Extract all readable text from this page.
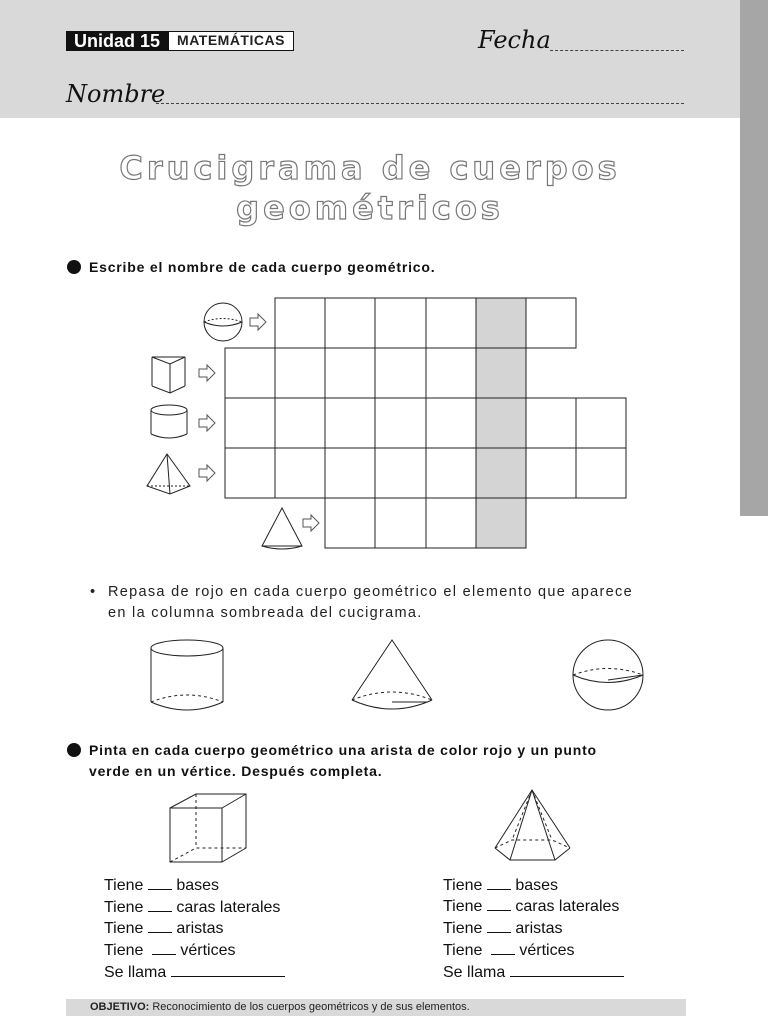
Unidad 15	MATEMÁTICAS	Fecha
Nombre
Crucigrama de cuerpos
geométricos
Escribe el nombre de cada cuerpo geométrico.
• Repasa de rojo en cada cuerpo geométrico el elemento que aparece
en la columna sombreada del cucigrama.
Pinta en cada cuerpo geométrico una arista de color rojo y un punto
verde en un vértice. Después completa.
Tiene bases
Tiene caras laterales
Tiene aristas
Tiene vértices
Se llama
Tiene bases
Tiene caras laterales
Tiene aristas
Tiene vértices
Se llama
OBJETIVO: Reconocimiento de los cuerpos geométricos y de sus elementos.
